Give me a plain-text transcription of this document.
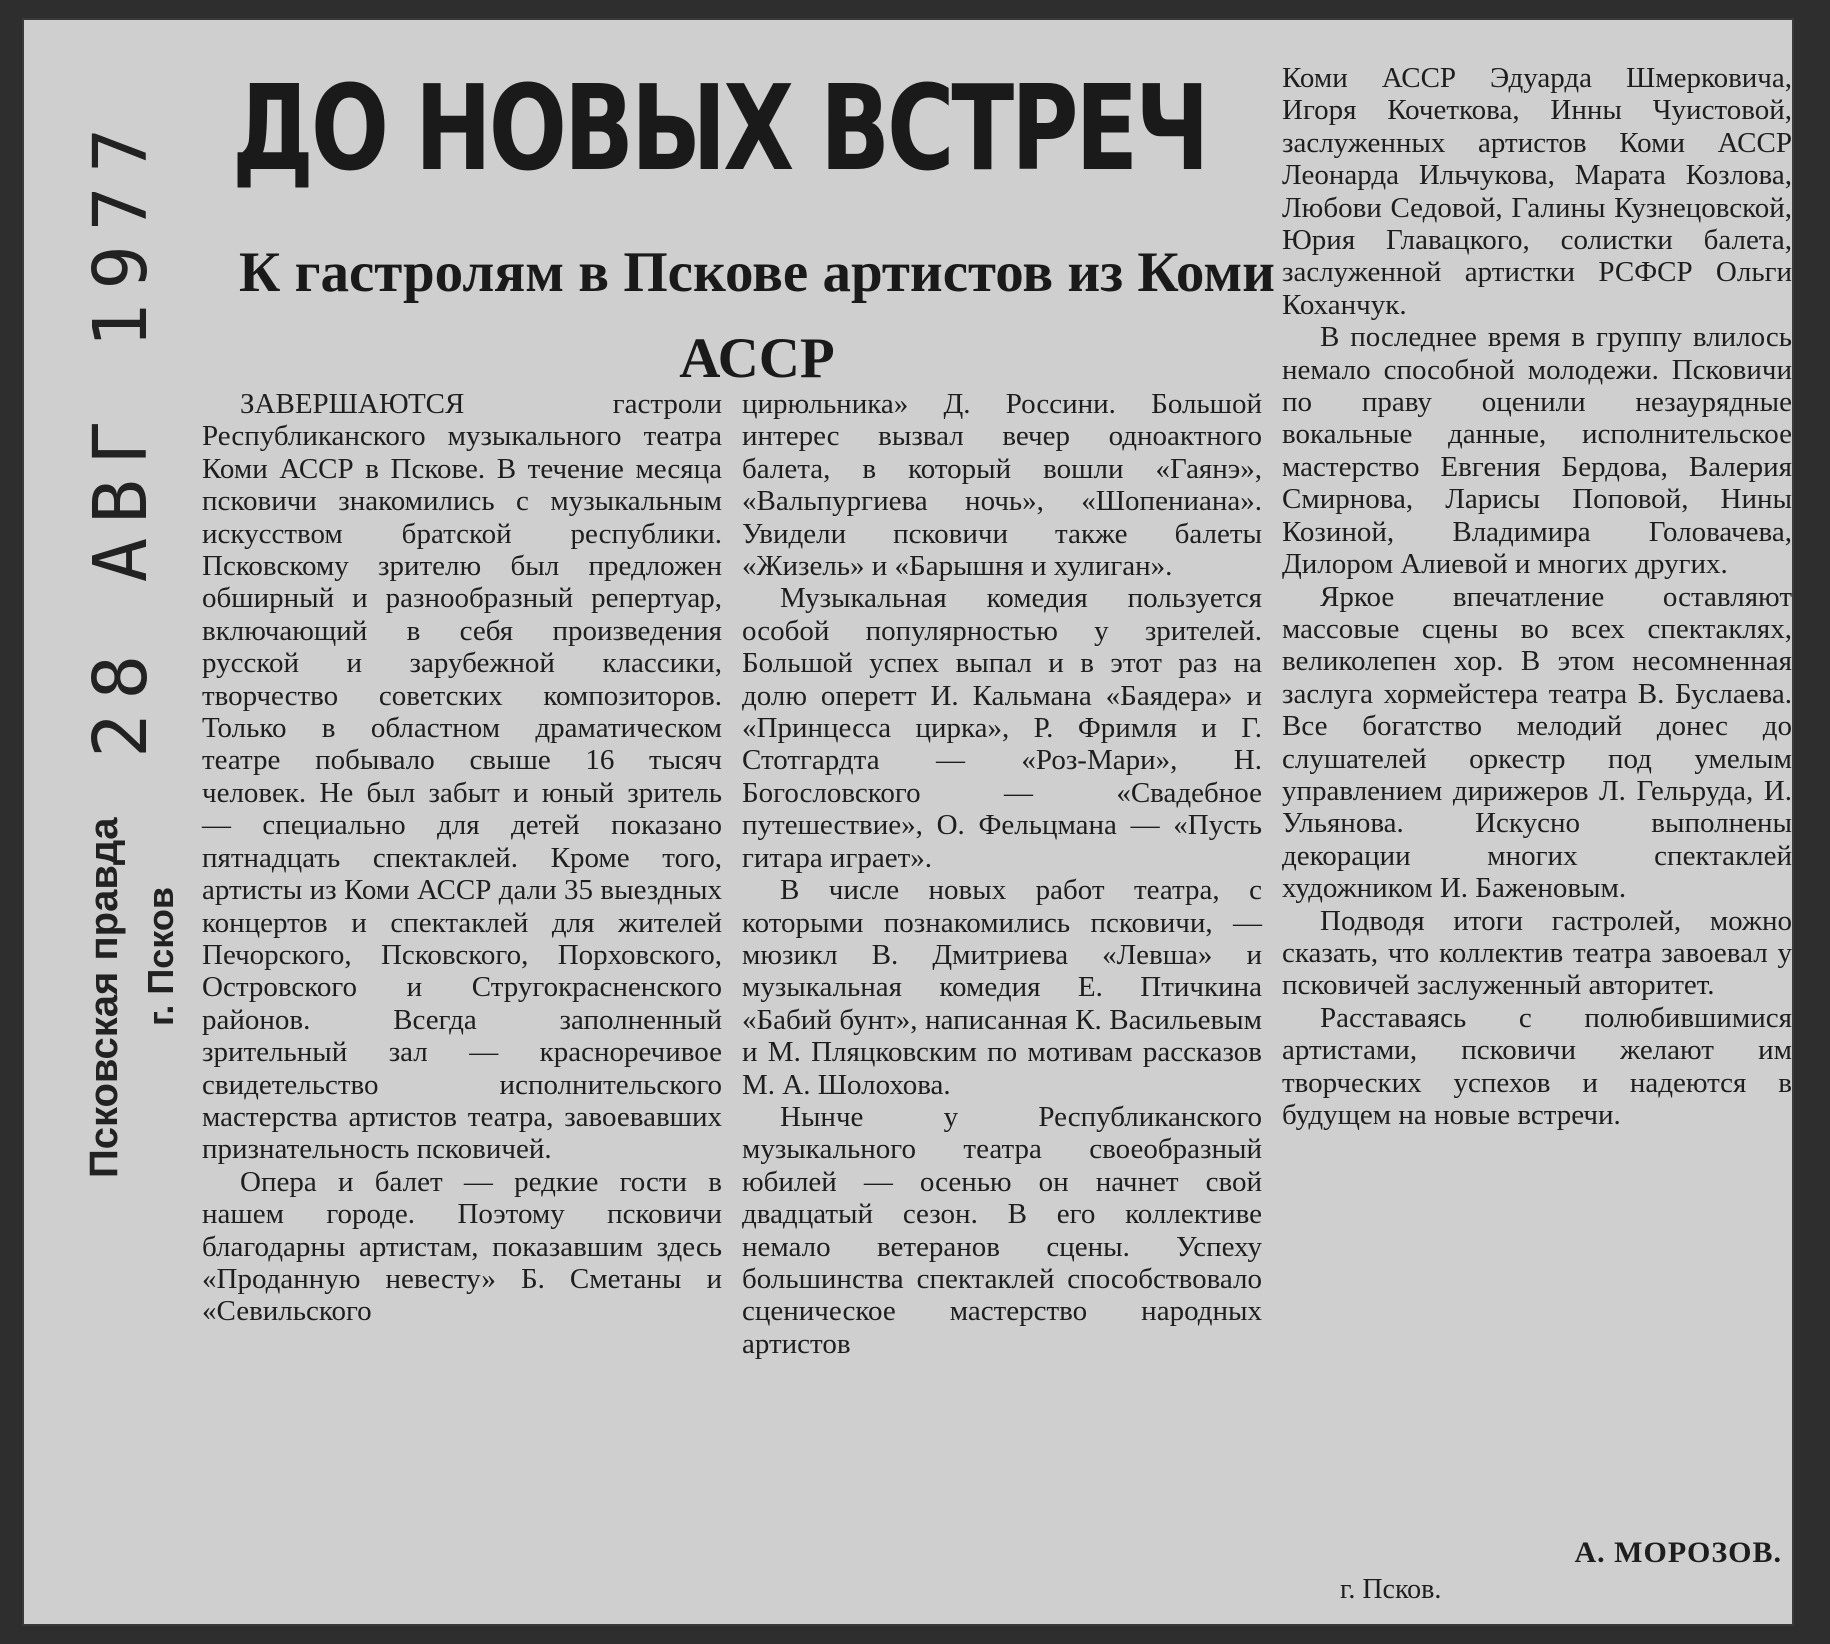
28 АВГ 1977
Псковская правда г. Псков
ДО НОВЫХ ВСТРЕЧ
К гастролям в Пскове артистов из Коми АССР

ЗАВЕРШАЮТСЯ гастроли Республиканского музыкального театра Коми АССР в Пскове. В течение месяца псковичи знакомились с музыкальным искусством братской республики. Псковскому зрителю был предложен обширный и разнообразный репертуар, включающий в себя произведения русской и зарубежной классики, творчество советских композиторов. Только в областном драматическом театре побывало свыше 16 тысяч человек. Не был забыт и юный зритель — специально для детей показано пятнадцать спектаклей. Кроме того, артисты из Коми АССР дали 35 выездных концертов и спектаклей для жителей Печорского, Псковского, Порховского, Островского и Стругокрасненского районов. Всегда заполненный зрительный зал — красноречивое свидетельство исполнительского мастерства артистов театра, завоевавших признательность псковичей.

Опера и балет — редкие гости в нашем городе. Поэтому псковичи благодарны артистам, показавшим здесь «Проданную невесту» Б. Сметаны и «Севильского

цирюльника» Д. Россини. Большой интерес вызвал вечер одноактного балета, в который вошли «Гаянэ», «Вальпургиева ночь», «Шопениана». Увидели псковичи также балеты «Жизель» и «Барышня и хулиган».

Музыкальная комедия пользуется особой популярностью у зрителей. Большой успех выпал и в этот раз на долю оперетт И. Кальмана «Баядера» и «Принцесса цирка», Р. Фримля и Г. Стотгардта — «Роз-Мари», Н. Богословского — «Свадебное путешествие», О. Фельцмана — «Пусть гитара играет».

В числе новых работ театра, с которыми познакомились псковичи, — мюзикл В. Дмитриева «Левша» и музыкальная комедия Е. Птичкина «Бабий бунт», написанная К. Васильевым и М. Пляцковским по мотивам рассказов М. А. Шолохова.

Нынче у Республиканского музыкального театра своеобразный юбилей — осенью он начнет свой двадцатый сезон. В его коллективе немало ветеранов сцены. Успеху большинства спектаклей способствовало сценическое мастерство народных артистов

Коми АССР Эдуарда Шмерковича, Игоря Кочеткова, Инны Чуистовой, заслуженных артистов Коми АССР Леонарда Ильчукова, Марата Козлова, Любови Седовой, Галины Кузнецовской, Юрия Главацкого, солистки балета, заслуженной артистки РСФСР Ольги Коханчук.

В последнее время в группу влилось немало способной молодежи. Псковичи по праву оценили незаурядные вокальные данные, исполнительское мастерство Евгения Бердова, Валерия Смирнова, Ларисы Поповой, Нины Козиной, Владимира Головачева, Дилором Алиевой и многих других.

Яркое впечатление оставляют массовые сцены во всех спектаклях, великолепен хор. В этом несомненная заслуга хормейстера театра В. Буслаева. Все богатство мелодий донес до слушателей оркестр под умелым управлением дирижеров Л. Гельруда, И. Ульянова. Искусно выполнены декорации многих спектаклей художником И. Баженовым.

Подводя итоги гастролей, можно сказать, что коллектив театра завоевал у псковичей заслуженный авторитет.

Расставаясь с полюбившимися артистами, псковичи желают им творческих успехов и надеются в будущем на новые встречи.

А. МОРОЗОВ.
г. Псков.
